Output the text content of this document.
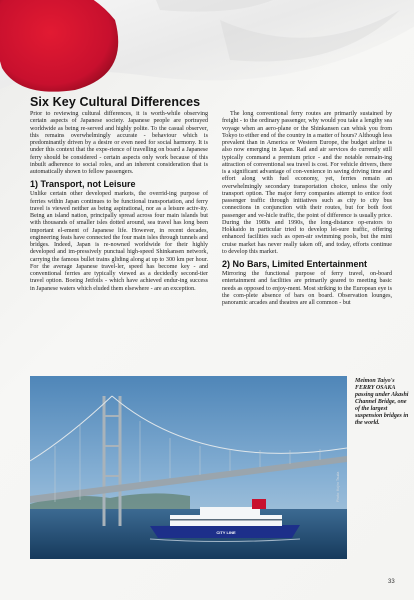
Six Key Cultural Differences

Prior to reviewing cultural differences, it is worth-while observing certain aspects of Japanese society. Japanese people are portrayed worldwide as being re-served and highly polite. To the casual observer, this remains overwhelmingly accurate - behaviour which is predominantly driven by a desire or even need for social harmony. It is under this context that the expe-rience of travelling on board a Japanese ferry should be considered - certain aspects only work because of this inbuilt adherence to social roles, and an inherent consideration that is automatically shown to fellow passengers.

1) Transport, not Leisure

Unlike certain other developed markets, the overrid-ing purpose of ferries within Japan continues to be functional transportation, and ferry travel is viewed neither as being aspirational, nor as a leisure activ-ity. Being an island nation, principally spread across four main islands but with thousands of smaller isles dotted around, sea travel has long been important el-ement of Japanese life. However, in recent decades, engineering feats have connected the four main isles through tunnels and bridges. Indeed, Japan is re-nowned worldwide for their highly developed and im-pressively punctual high-speed Shinkansen network, carrying the famous bullet trains gliding along at up to 300 km per hour. For the average Japanese travel-ler, speed has become key - and conventional ferries are typically viewed as a decidedly second-tier travel option. Boeing Jetfoils - which have achieved endur-ing success in Japanese waters which eluded them elsewhere - are an exception.

The long conventional ferry routes are primarily sustained by freight - to the ordinary passenger, why would you take a lengthy sea voyage when an aero-plane or the Shinkansen can whisk you from Tokyo to either end of the country in a matter of hours? Although less prevalent than in America or Western Europe, the budget airline is also now emerging in Japan. Rail and air services do currently still typically command a premium price - and the notable remain-ing attraction of conventional sea travel is cost. For vehicle drivers, there is a significant advantage of con-venience in saving driving time and effort along with fuel economy, yet, ferries remain an overwhelmingly secondary transportation choice, unless the only transport option. The major ferry companies attempt to entice foot passenger traffic through initiatives such as city to city bus connections in conjunction with their routes, but for both foot passenger and ve-hicle traffic, the point of difference is usually price. During the 1980s and 1990s, the long-distance op-erators to Hokkaido in particular tried to develop lei-sure traffic, offering enhanced facilities such as open-air swimming pools, but the mini cruise market has never really taken off, and today, efforts continue to develop this market.

2) No Bars, Limited Entertainment

Mirroring the functional purpose of ferry travel, on-board entertainment and facilities are primarily geared to meeting basic needs as opposed to enjoy-ment. Most striking to the European eye is the com-plete absence of bars on board. Observation lounges, panoramic arcades and theatres are all common - but

CITY LINE
Photo: Kojiro Tsuda
Meimon Taiyo's FERRY OSAKA passing under Akashi Channel Bridge, one of the largest suspension bridges in the world.
33
